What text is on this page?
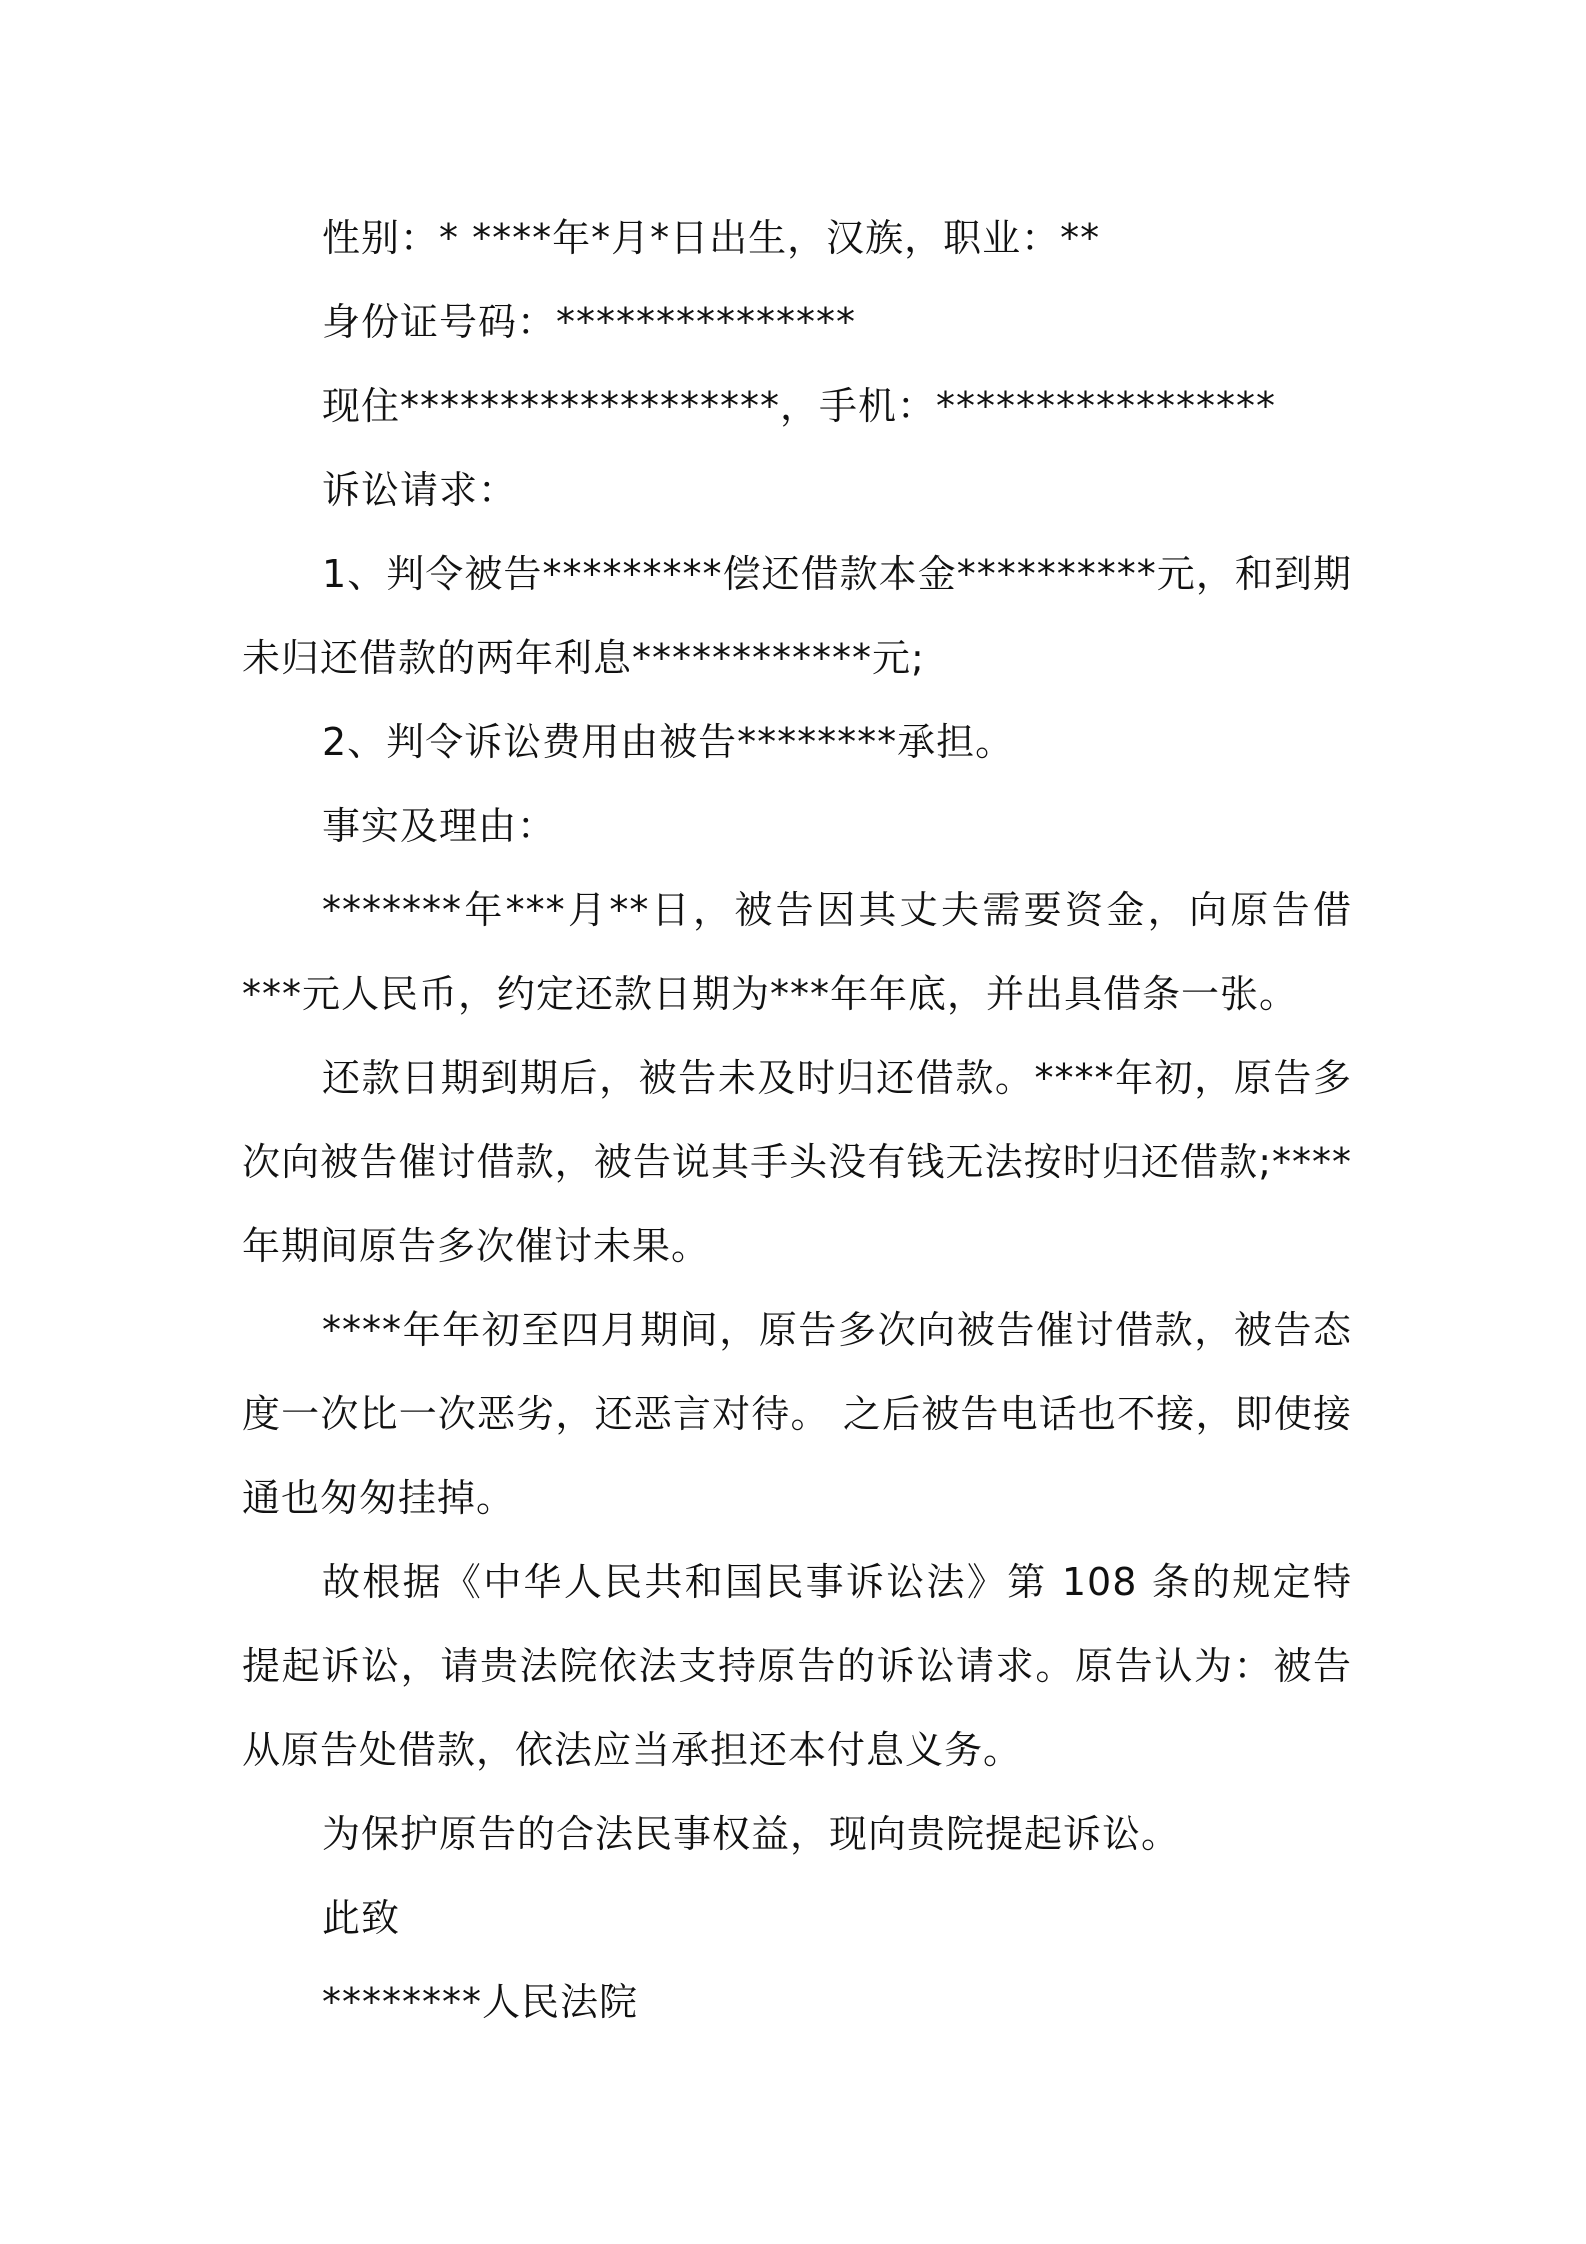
性别：* ****年*月*日出生，汉族，职业：**

身份证号码：***************

现住*******************，手机：*****************

诉讼请求：

1、判令被告*********偿还借款本金**********元，和到期未归还借款的两年利息************元;

2、判令诉讼费用由被告********承担。

事实及理由：

*******年***月**日，被告因其丈夫需要资金，向原告借***元人民币，约定还款日期为***年年底，并出具借条一张。

还款日期到期后，被告未及时归还借款。****年初，原告多次向被告催讨借款，被告说其手头没有钱无法按时归还借款;****年期间原告多次催讨未果。

****年年初至四月期间，原告多次向被告催讨借款，被告态度一次比一次恶劣，还恶言对待。 之后被告电话也不接，即使接通也匆匆挂掉。

故根据《中华人民共和国民事诉讼法》第 108 条的规定特提起诉讼，请贵法院依法支持原告的诉讼请求。原告认为：被告从原告处借款，依法应当承担还本付息义务。

为保护原告的合法民事权益，现向贵院提起诉讼。

此致

********人民法院
